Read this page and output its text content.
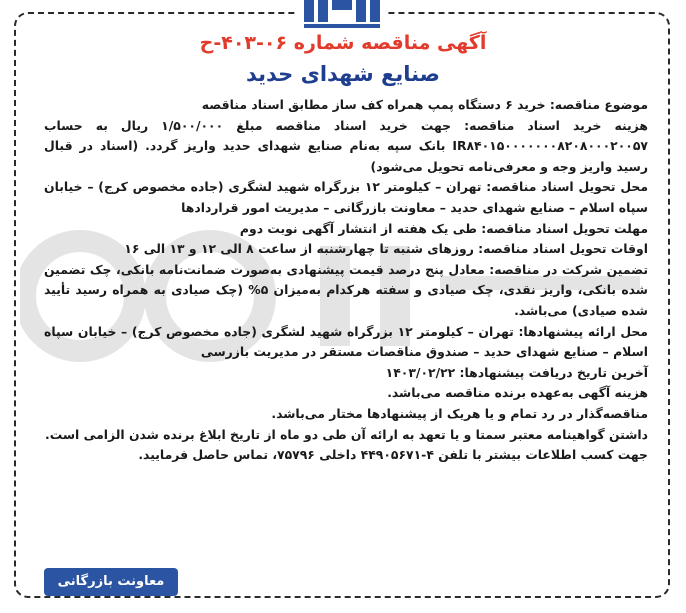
آگهی مناقصه شماره ۰۶-۴۰۳-ح
صنایع شهدای حدید

موضوع مناقصه: خرید ۶ دستگاه پمپ همراه کف ساز مطابق اسناد مناقصه

هزینه خرید اسناد مناقصه: جهت خرید اسناد مناقصه مبلغ ۱/۵۰۰/۰۰۰ ریال به حساب IR۸۴۰۱۵۰۰۰۰۰۰۰۸۲۰۸۰۰۰۲۰۰۵۷ بانک سپه به‌نام صنایع شهدای حدید واریز گردد. (اسناد در قبال رسید واریز وجه و معرفی‌نامه تحویل می‌شود)

محل تحویل اسناد مناقصه: تهران – کیلومتر ۱۲ بزرگراه شهید لشگری (جاده مخصوص کرج) – خیابان سپاه اسلام – صنایع شهدای حدید – معاونت بازرگانی – مدیریت امور قراردادها

مهلت تحویل اسناد مناقصه: طی یک هفته از انتشار آگهی نوبت دوم

اوقات تحویل اسناد مناقصه: روزهای شنبه تا چهارشنبه از ساعت ۸ الی ۱۲ و ۱۳ الی ۱۶

تضمین شرکت در مناقصه: معادل پنج درصد قیمت پیشنهادی به‌صورت ضمانت‌نامه بانکی، چک تضمین شده بانکی، واریز نقدی، چک صیادی و سفته هرکدام به‌میزان ۵% (چک صیادی به همراه رسید تأیید شده صیادی) می‌باشد.

محل ارائه پیشنهادها: تهران – کیلومتر ۱۲ بزرگراه شهید لشگری (جاده مخصوص کرج) – خیابان سپاه اسلام – صنایع شهدای حدید – صندوق مناقصات مستقر در مدیریت بازرسی

آخرین تاریخ دریافت پیشنهادها: ۱۴۰۳/۰۲/۲۲

هزینه آگهی به‌عهده برنده مناقصه می‌باشد.

مناقصه‌گذار در رد تمام و یا هریک از پیشنهادها مختار می‌باشد.

داشتن گواهینامه معتبر سمتا و یا تعهد به ارائه آن طی دو ماه از تاریخ ابلاغ برنده شدن الزامی است.

جهت کسب اطلاعات بیشتر با تلفن ۴-۴۴۹۰۵۶۷۱ داخلی ۷۵۷۹۶، تماس حاصل فرمایید.

معاونت بازرگانی
